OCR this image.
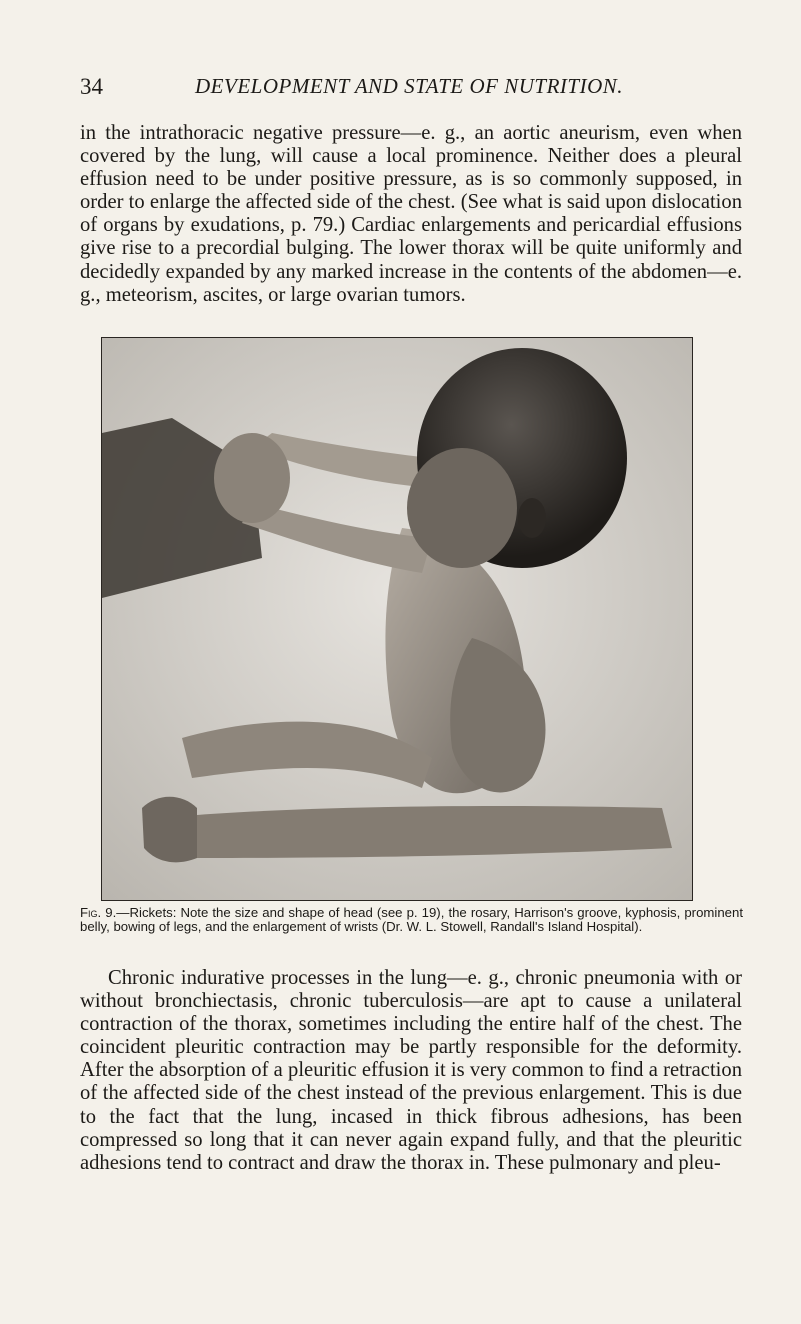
34	DEVELOPMENT AND STATE OF NUTRITION.

in the intrathoracic negative pressure—e. g., an aortic aneurism, even when covered by the lung, will cause a local prominence. Neither does a pleural effusion need to be under positive pressure, as is so commonly supposed, in order to enlarge the affected side of the chest. (See what is said upon dislocation of organs by exudations, p. 79.) Cardiac enlargements and pericardial effusions give rise to a precordial bulging. The lower thorax will be quite uniformly and decidedly expanded by any marked increase in the contents of the abdomen—e. g., meteorism, ascites, or large ovarian tumors.

Fig. 9.—Rickets: Note the size and shape of head (see p. 19), the rosary, Harrison's groove, kyphosis, prominent belly, bowing of legs, and the enlargement of wrists (Dr. W. L. Stowell, Randall's Island Hospital).

Chronic indurative processes in the lung—e. g., chronic pneumonia with or without bronchiectasis, chronic tuberculosis—are apt to cause a unilateral contraction of the thorax, sometimes including the entire half of the chest. The coincident pleuritic contraction may be partly responsible for the deformity. After the absorption of a pleuritic effusion it is very common to find a retraction of the affected side of the chest instead of the previous enlargement. This is due to the fact that the lung, incased in thick fibrous adhesions, has been compressed so long that it can never again expand fully, and that the pleuritic adhesions tend to contract and draw the thorax in. These pulmonary and pleu-
